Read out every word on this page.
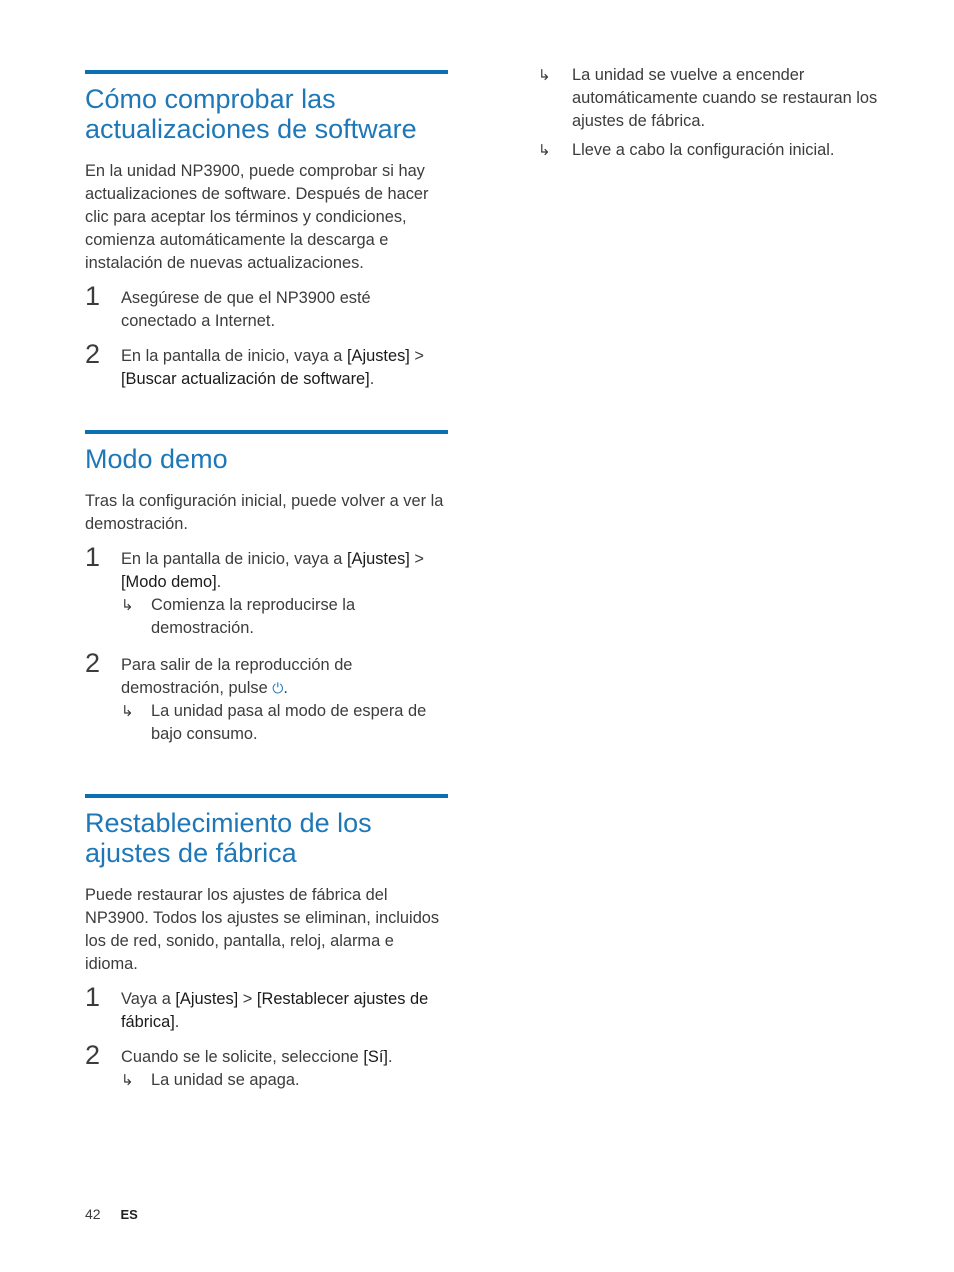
Cómo comprobar las actualizaciones de software

En la unidad NP3900, puede comprobar si hay actualizaciones de software. Después de hacer clic para aceptar los términos y condiciones, comienza automáticamente la descarga e instalación de nuevas actualizaciones.

1 Asegúrese de que el NP3900 esté conectado a Internet.
2 En la pantalla de inicio, vaya a [Ajustes] > [Buscar actualización de software].
Modo demo

Tras la configuración inicial, puede volver a ver la demostración.

1 En la pantalla de inicio, vaya a [Ajustes] > [Modo demo].
↳ Comienza la reproducirse la demostración.
2 Para salir de la reproducción de demostración, pulse ⏻.
↳ La unidad pasa al modo de espera de bajo consumo.
Restablecimiento de los ajustes de fábrica

Puede restaurar los ajustes de fábrica del NP3900. Todos los ajustes se eliminan, incluidos los de red, sonido, pantalla, reloj, alarma e idioma.

1 Vaya a [Ajustes] > [Restablecer ajustes de fábrica].
2 Cuando se le solicite, seleccione [Sí].
↳ La unidad se apaga.
↳ La unidad se vuelve a encender automáticamente cuando se restauran los ajustes de fábrica.
↳ Lleve a cabo la configuración inicial.
42 ES
